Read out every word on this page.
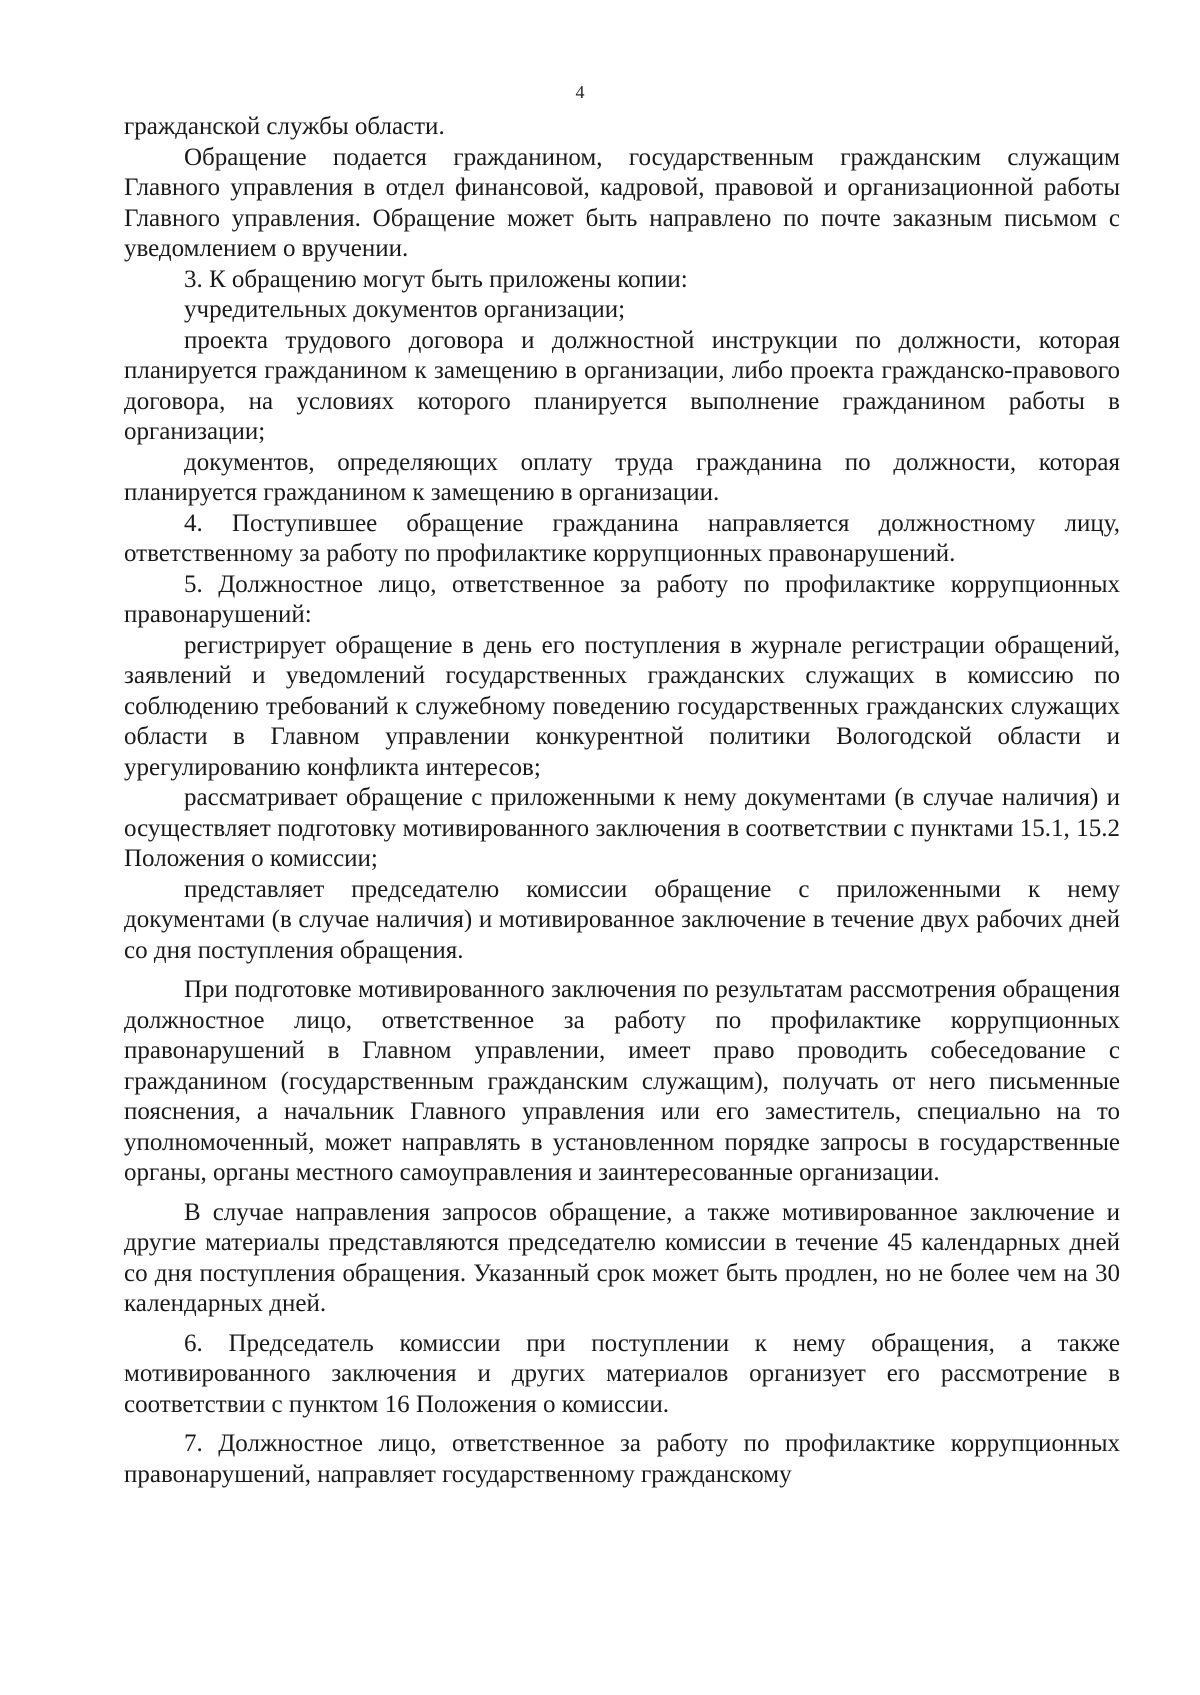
4

гражданской службы области.

Обращение подается гражданином, государственным гражданским служащим Главного управления в отдел финансовой, кадровой, правовой и организационной работы Главного управления. Обращение может быть направлено по почте заказным письмом с уведомлением о вручении.

3. К обращению могут быть приложены копии:

учредительных документов организации;

проекта трудового договора и должностной инструкции по должности, которая планируется гражданином к замещению в организации, либо проекта гражданско-правового договора, на условиях которого планируется выполнение гражданином работы в организации;

документов, определяющих оплату труда гражданина по должности, которая планируется гражданином к замещению в организации.

4. Поступившее обращение гражданина направляется должностному лицу, ответственному за работу по профилактике коррупционных правонарушений.

5. Должностное лицо, ответственное за работу по профилактике коррупционных правонарушений:

регистрирует обращение в день его поступления в журнале регистрации обращений, заявлений и уведомлений государственных гражданских служащих в комиссию по соблюдению требований к служебному поведению государственных гражданских служащих области в Главном управлении конкурентной политики Вологодской области и урегулированию конфликта интересов;

рассматривает обращение с приложенными к нему документами (в случае наличия) и осуществляет подготовку мотивированного заключения в соответствии с пунктами 15.1, 15.2 Положения о комиссии;

представляет председателю комиссии обращение с приложенными к нему документами (в случае наличия) и мотивированное заключение в течение двух рабочих дней со дня поступления обращения.

При подготовке мотивированного заключения по результатам рассмотрения обращения должностное лицо, ответственное за работу по профилактике коррупционных правонарушений в Главном управлении, имеет право проводить собеседование с гражданином (государственным гражданским служащим), получать от него письменные пояснения, а начальник Главного управления или его заместитель, специально на то уполномоченный, может направлять в установленном порядке запросы в государственные органы, органы местного самоуправления и заинтересованные организации.

В случае направления запросов обращение, а также мотивированное заключение и другие материалы представляются председателю комиссии в течение 45 календарных дней со дня поступления обращения. Указанный срок может быть продлен, но не более чем на 30 календарных дней.

6. Председатель комиссии при поступлении к нему обращения, а также мотивированного заключения и других материалов организует его рассмотрение в соответствии с пунктом 16 Положения о комиссии.

7. Должностное лицо, ответственное за работу по профилактике коррупционных правонарушений, направляет государственному гражданскому
